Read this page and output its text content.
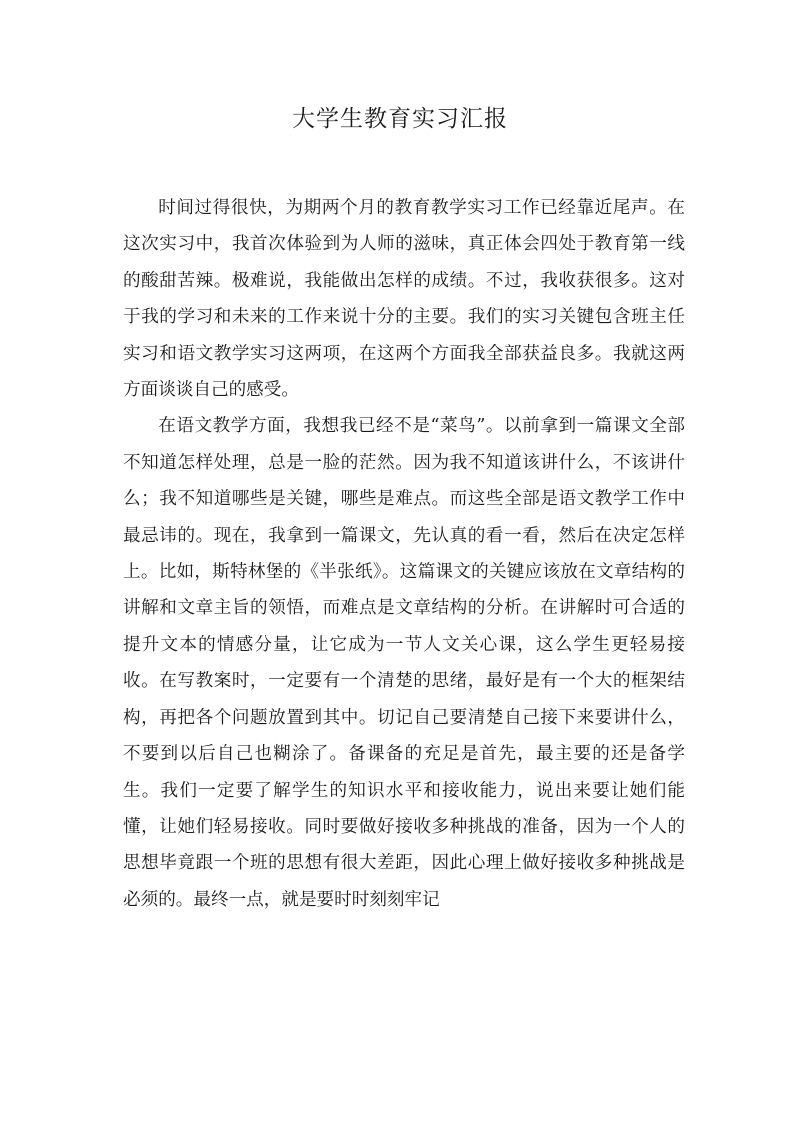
大学生教育实习汇报

时间过得很快，为期两个月的教育教学实习工作已经靠近尾声。在这次实习中，我首次体验到为人师的滋味，真正体会四处于教育第一线的酸甜苦辣。极难说，我能做出怎样的成绩。不过，我收获很多。这对于我的学习和未来的工作来说十分的主要。我们的实习关键包含班主任实习和语文教学实习这两项，在这两个方面我全部获益良多。我就这两方面谈谈自己的感受。

在语文教学方面，我想我已经不是“菜鸟”。以前拿到一篇课文全部不知道怎样处理，总是一脸的茫然。因为我不知道该讲什么，不该讲什么；我不知道哪些是关键，哪些是难点。而这些全部是语文教学工作中最忌讳的。现在，我拿到一篇课文，先认真的看一看，然后在决定怎样上。比如，斯特林堡的《半张纸》。这篇课文的关键应该放在文章结构的讲解和文章主旨的领悟，而难点是文章结构的分析。在讲解时可合适的提升文本的情感分量，让它成为一节人文关心课，这么学生更轻易接收。在写教案时，一定要有一个清楚的思绪，最好是有一个大的框架结构，再把各个问题放置到其中。切记自己要清楚自己接下来要讲什么，不要到以后自己也糊涂了。备课备的充足是首先，最主要的还是备学生。我们一定要了解学生的知识水平和接收能力，说出来要让她们能懂，让她们轻易接收。同时要做好接收多种挑战的准备，因为一个人的思想毕竟跟一个班的思想有很大差距，因此心理上做好接收多种挑战是必须的。最终一点，就是要时时刻刻牢记
